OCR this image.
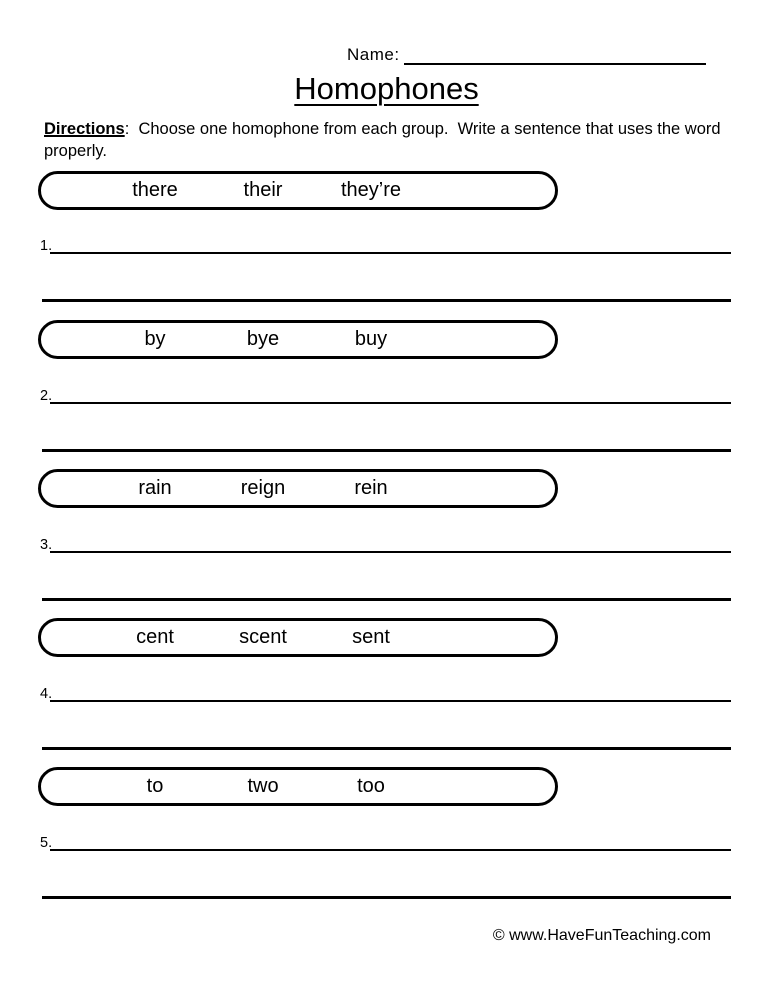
Name:
Homophones
Directions:  Choose one homophone from each group.  Write a sentence that uses the word properly.
there	their	they’re
1.
by	bye	buy
2.
rain	reign	rein
3.
cent	scent	sent
4.
to	two	too
5.
© www.HaveFunTeaching.com
